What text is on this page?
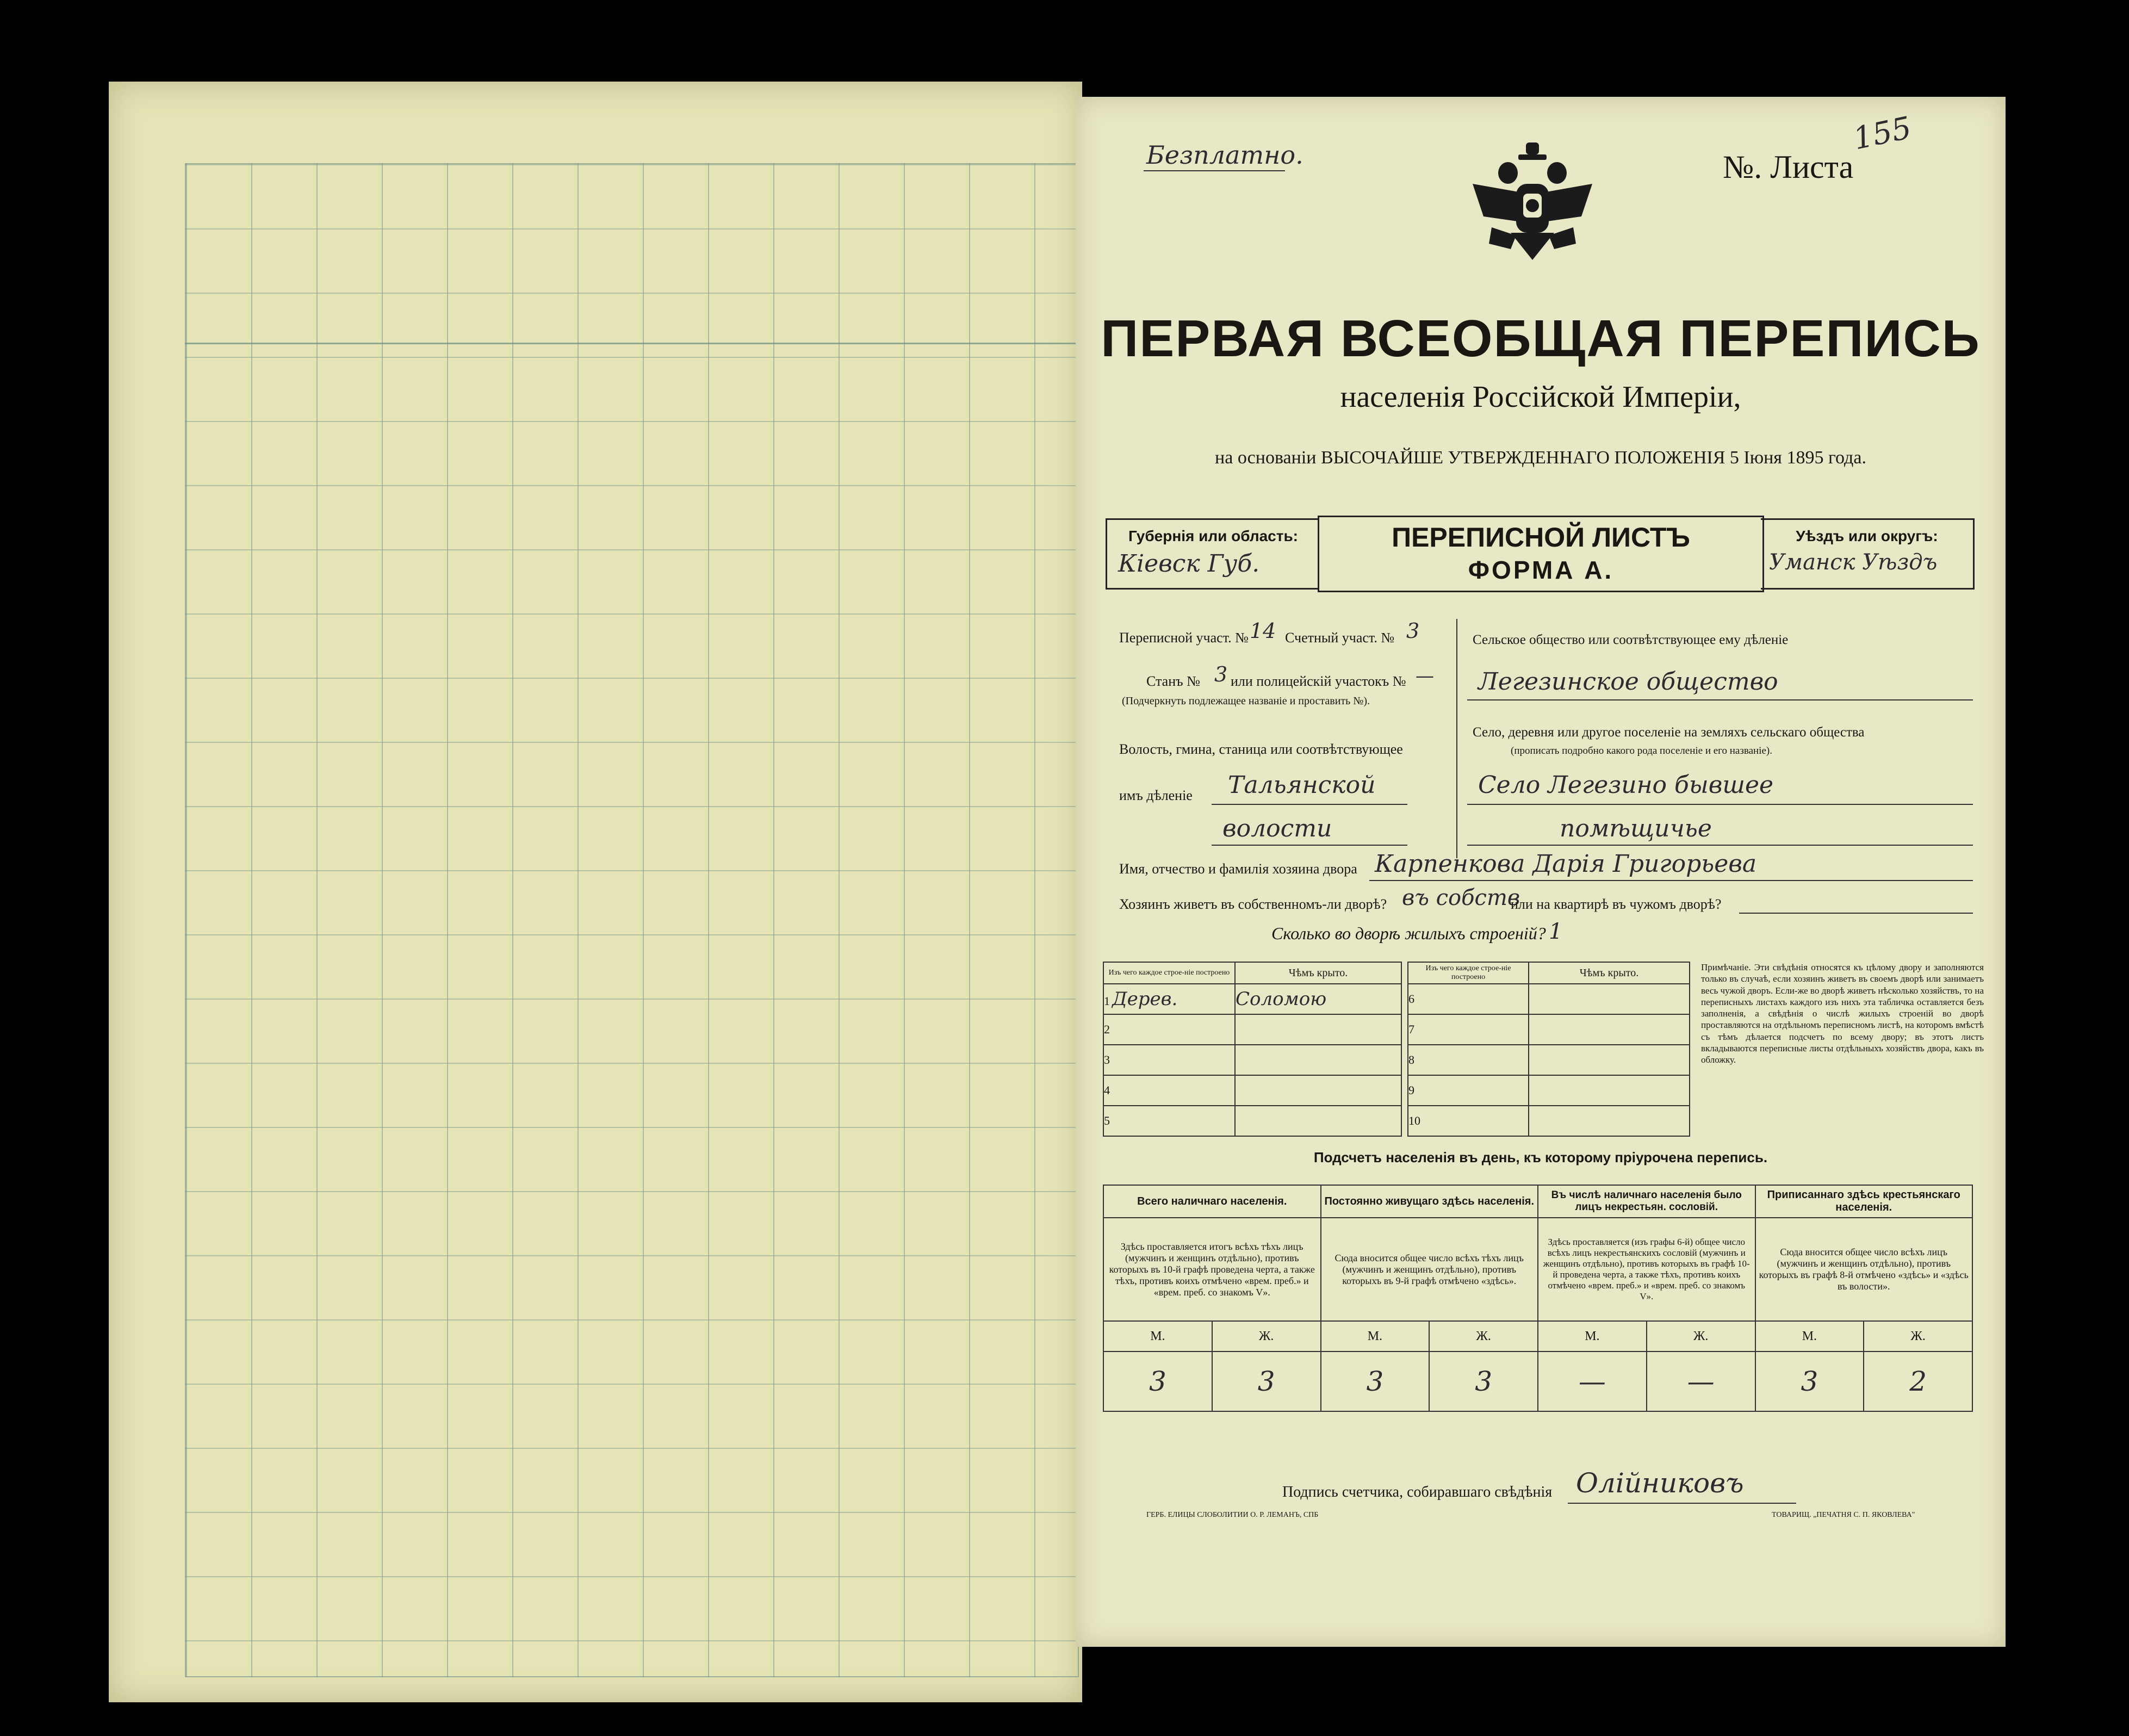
Безплатно.	№. Листа
155
ПЕРВАЯ ВСЕОБЩАЯ ПЕРЕПИСЬ
населенія Россійской Имперіи,
на основаніи ВЫСОЧАЙШЕ УТВЕРЖДЕННАГО ПОЛОЖЕНІЯ 5 Іюня 1895 года.
Губернія или область:
Кіевск Губ.
ПЕРЕПИСНОЙ ЛИСТЪ
ФОРМА А.
Уѣздъ или округъ:
Уманск Уѣздъ
Переписной участ. № 14 Счетный участ. № 3
Станъ № 3 или полицейскій участокъ № —
(Подчеркнуть подлежащее названіе и проставить №).
Волость, гмина, станица или соотвѣтствующее
имъ дѣленіе Тальянской
волости
Сельское общество или соотвѣтствующее ему дѣленіе
Легезинское общество
Село, деревня или другое поселеніе на земляхъ сельскаго общества
(прописать подробно какого рода поселеніе и его названіе).
Село Легезино бывшее
помѣщичье
Имя, отчество и фамилія хозяина двора Карпенкова Дарія Григорьева
Хозяинъ живетъ въ собственномъ-ли дворѣ? въ собств
или на квартирѣ въ чужомъ дворѣ?
Сколько во дворѣ жилыхъ строеній? 1
Изъ чего каждое строе-ніе построено	Чѣмъ крыто.
1 Дерев.	Соломою
2	
3	
4	
5	
Изъ чего каждое строе-ніе построено	Чѣмъ крыто.
6	
7	
8	
9	
10	
Примѣчаніе. Эти свѣдѣнія относятся къ цѣлому двору и заполняются только въ случаѣ, если хозяинъ живетъ въ своемъ дворѣ или занимаетъ весь чужой дворъ. Если-же во дворѣ живетъ нѣсколько хозяйствъ, то на переписныхъ листахъ каждого изъ нихъ эта табличка оставляется безъ заполненія, а свѣдѣнія о числѣ жилыхъ строеній во дворѣ проставляются на отдѣльномъ переписномъ листѣ, на которомъ вмѣстѣ съ тѣмъ дѣлается подсчетъ по всему двору; въ этотъ листъ вкладываются переписные листы отдѣльныхъ хозяйствъ двора, какъ въ обложку.
Подсчетъ населенія въ день, къ которому пріурочена перепись.
Всего наличнаго населенія.		Постоянно живущаго здѣсь населенія.		Въ числѣ наличнаго населенія было лицъ некрестьян. сословій.		Приписаннаго здѣсь крестьянскаго населенія.	
Здѣсь проставляется итогъ всѣхъ тѣхъ лицъ (мужчинъ и женщинъ отдѣльно), противъ которыхъ въ 10-й графѣ проведена черта, а также тѣхъ, противъ коихъ отмѣчено «врем. преб.» и «врем. преб. со знакомъ V».		Сюда вносится общее число всѣхъ тѣхъ лицъ (мужчинъ и женщинъ отдѣльно), противъ которыхъ въ 9-й графѣ отмѣчено «здѣсь».		Здѣсь проставляется (изъ графы 6-й) общее число всѣхъ лицъ некрестьянскихъ сословій (мужчинъ и женщинъ отдѣльно), противъ которыхъ въ графѣ 10-й проведена черта, а также тѣхъ, противъ коихъ отмѣчено «врем. преб.» и «врем. преб. со знакомъ V».		Сюда вносится общее число всѣхъ лицъ (мужчинъ и женщинъ отдѣльно), противъ которыхъ въ графѣ 8-й отмѣчено «здѣсь» и «здѣсь въ волости».	
М.	Ж.	М.	Ж.	М.	Ж.	М.	Ж.
3	3	3	3	—	—	3	2
Подпись счетчика, собиравшаго свѣдѣнія Олійниковъ
ГЕРБ. ЕЛИЦЫ СЛОБОЛИТИИ О. Р. ЛЕМАНЪ, СПБ	ТОВАРИЩ. „ПЕЧАТНЯ С. П. ЯКОВЛЕВА"
